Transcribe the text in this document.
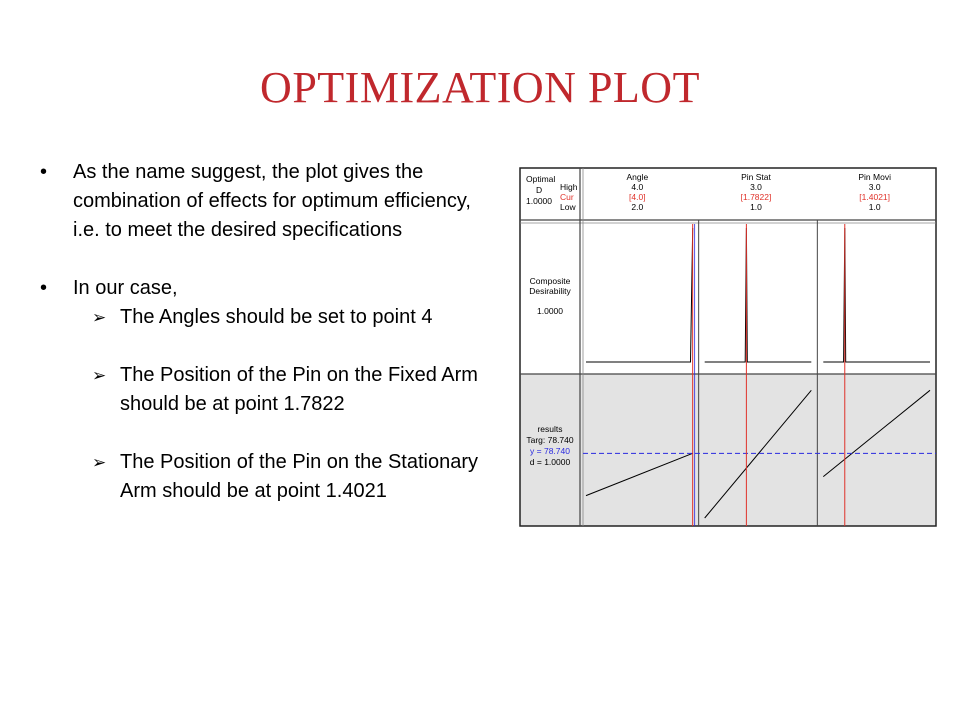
OPTIMIZATION PLOT
•	As the name suggest, the plot gives the combination of effects for optimum efficiency, i.e. to meet the desired specifications
•	In our case,
➢ The Angles should be set to point 4
➢ The Position of the Pin on the Fixed Arm should be at point 1.7822
➢ The Position of the Pin on the Stationary Arm should be at point 1.4021
Optimal
D
1.0000
High
Cur
Low
Angle
4.0
[4.0]
2.0
Pin Stat
3.0
[1.7822]
1.0
Pin Movi
3.0
[1.4021]
1.0
Composite
Desirability
1.0000
results
Targ: 78.740
y = 78.740
d = 1.0000
